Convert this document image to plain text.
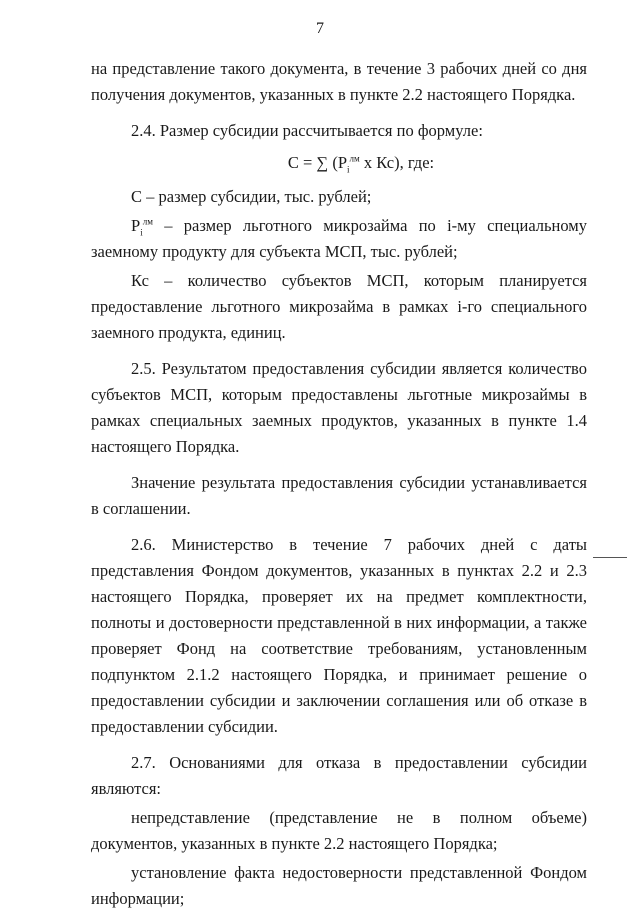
7

на представление такого документа, в течение 3 рабочих дней со дня получения документов, указанных в пункте 2.2 настоящего Порядка.

2.4. Размер субсидии рассчитывается по формуле:

С = ∑ ($P_i^{лм}$ х Кс), где:

С – размер субсидии, тыс. рублей;

$P_i^{лм}$ – размер льготного микрозайма по i-му специальному заемному продукту для субъекта МСП, тыс. рублей;

Кс – количество субъектов МСП, которым планируется предоставление льготного микрозайма в рамках i-го специального заемного продукта, единиц.

2.5. Результатом предоставления субсидии является количество субъектов МСП, которым предоставлены льготные микрозаймы в рамках специальных заемных продуктов, указанных в пункте 1.4 настоящего Порядка.

Значение результата предоставления субсидии устанавливается в соглашении.

2.6. Министерство в течение 7 рабочих дней с даты представления Фондом документов, указанных в пунктах 2.2 и 2.3 настоящего Порядка, проверяет их на предмет комплектности, полноты и достоверности представленной в них информации, а также проверяет Фонд на соответствие требованиям, установленным подпунктом 2.1.2 настоящего Порядка, и принимает решение о предоставлении субсидии и заключении соглашения или об отказе в предоставлении субсидии.

2.7. Основаниями для отказа в предоставлении субсидии являются:

непредставление (представление не в полном объеме) документов, указанных в пункте 2.2 настоящего Порядка;

установление факта недостоверности представленной Фондом информации;
